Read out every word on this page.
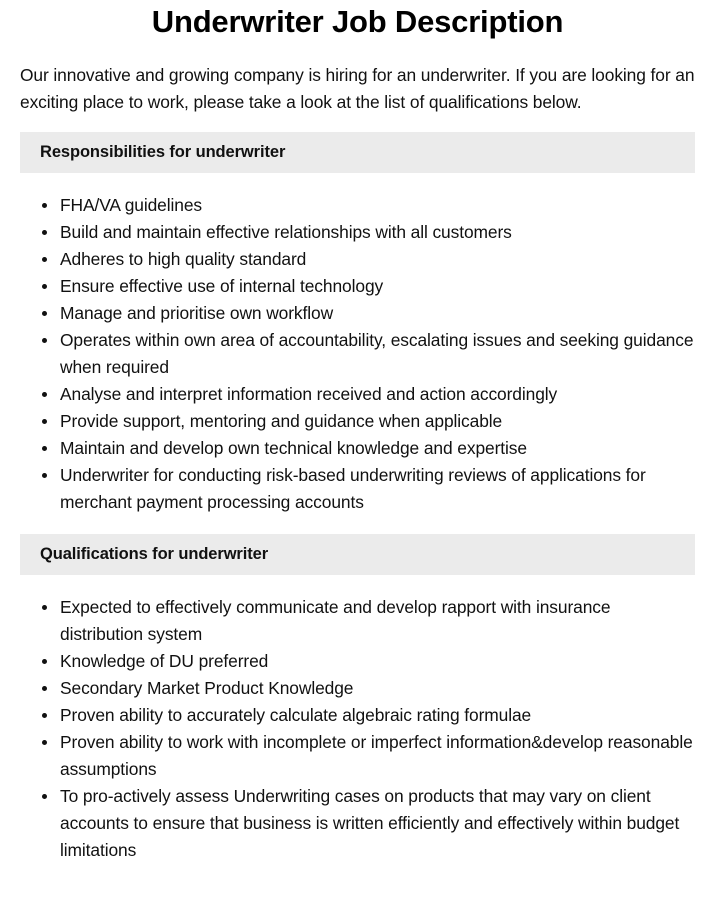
Underwriter Job Description

Our innovative and growing company is hiring for an underwriter. If you are looking for an exciting place to work, please take a look at the list of qualifications below.

Responsibilities for underwriter
FHA/VA guidelines
Build and maintain effective relationships with all customers
Adheres to high quality standard
Ensure effective use of internal technology
Manage and prioritise own workflow
Operates within own area of accountability, escalating issues and seeking guidance when required
Analyse and interpret information received and action accordingly
Provide support, mentoring and guidance when applicable
Maintain and develop own technical knowledge and expertise
Underwriter for conducting risk-based underwriting reviews of applications for merchant payment processing accounts
Qualifications for underwriter
Expected to effectively communicate and develop rapport with insurance distribution system
Knowledge of DU preferred
Secondary Market Product Knowledge
Proven ability to accurately calculate algebraic rating formulae
Proven ability to work with incomplete or imperfect information&develop reasonable assumptions
To pro-actively assess Underwriting cases on products that may vary on client accounts to ensure that business is written efficiently and effectively within budget limitations
